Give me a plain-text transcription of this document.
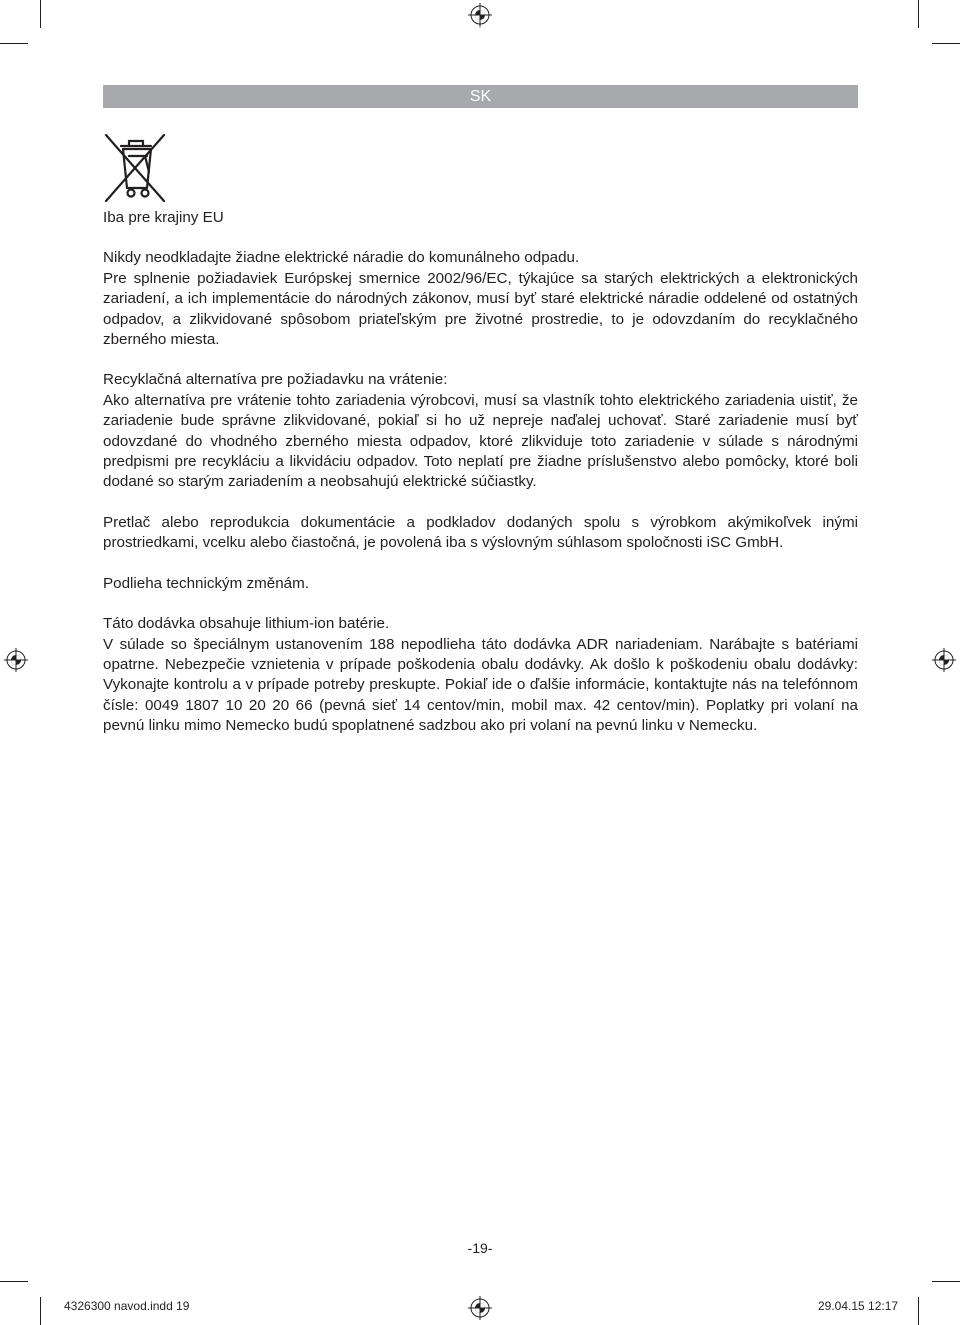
SK

Iba pre krajiny EU

Nikdy neodkladajte žiadne elektrické náradie do komunálneho odpadu.

Pre splnenie požiadaviek Európskej smernice 2002/96/EC, týkajúce sa starých elektrických a elektronických zariadení, a ich implementácie do národných zákonov, musí byť staré elektrické náradie oddelené od ostatných odpadov, a zlikvidované spôsobom priateľským pre životné prostredie, to je odovzdaním do recyklačného zberného miesta.

Recyklačná alternatíva pre požiadavku na vrátenie:

Ako alternatíva pre vrátenie tohto zariadenia výrobcovi, musí sa vlastník tohto elektrického zariadenia uistiť, že zariadenie bude správne zlikvidované, pokiaľ si ho už nepreje naďalej uchovať. Staré zariadenie musí byť odovzdané do vhodného zberného miesta odpadov, ktoré zlikviduje toto zariadenie v súlade s národnými predpismi pre recykláciu a likvidáciu odpadov. Toto neplatí pre žiadne príslušenstvo alebo pomôcky, ktoré boli dodané so starým zariadením a neobsahujú elektrické súčiastky.

Pretlač alebo reprodukcia dokumentácie a podkladov dodaných spolu s výrobkom akýmikoľvek inými prostriedkami, vcelku alebo čiastočná, je povolená iba s výslovným súhlasom spoločnosti iSC GmbH.

Podlieha technickým změnám.

Táto dodávka obsahuje lithium-ion batérie.

V súlade so špeciálnym ustanovením 188 nepodlieha táto dodávka ADR nariadeniam. Narábajte s batériami opatrne. Nebezpečie vznietenia v prípade poškodenia obalu dodávky. Ak došlo k poškodeniu obalu dodávky: Vykonajte kontrolu a v prípade potreby preskupte. Pokiaľ ide o ďalšie informácie, kontaktujte nás na telefónnom čísle: 0049 1807 10 20 20 66 (pevná sieť 14 centov/min, mobil max. 42 centov/min). Poplatky pri volaní na pevnú linku mimo Nemecko budú spoplatnené sadzbou ako pri volaní na pevnú linku v Nemecku.

-19-
4326300 navod.indd 19	29.04.15 12:17
